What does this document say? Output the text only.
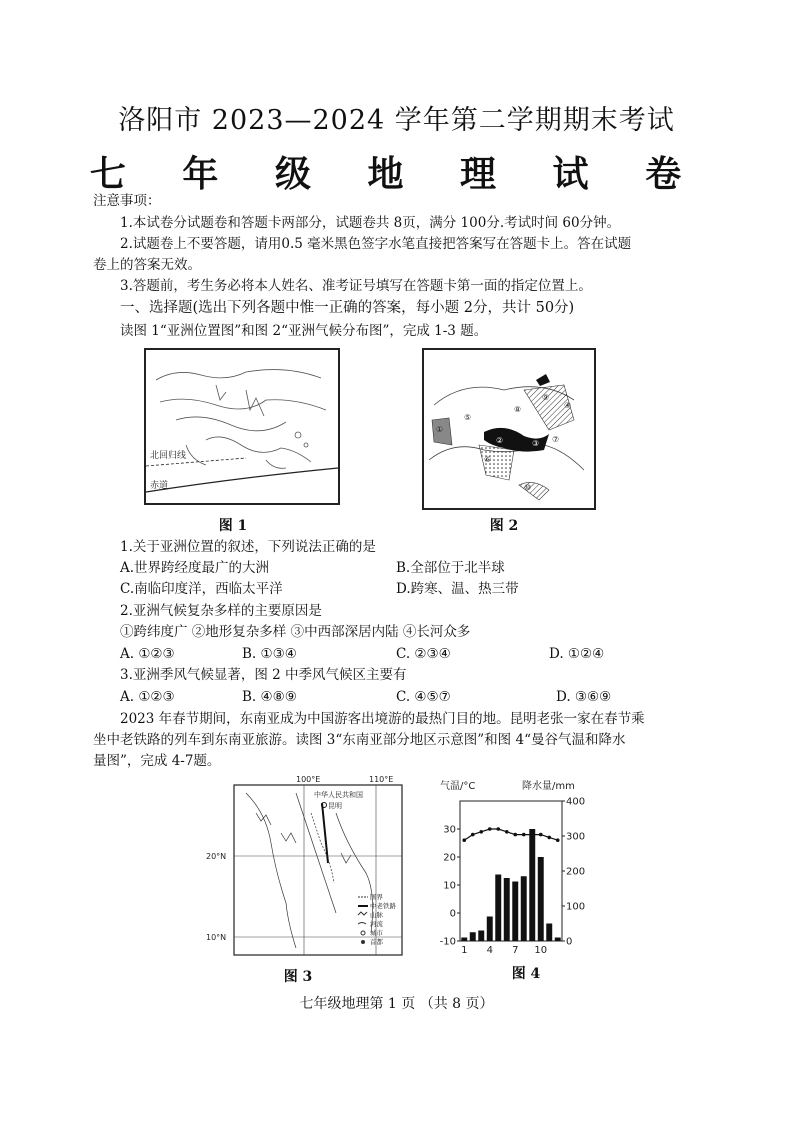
洛阳市 2023—2024 学年第二学期期末考试
七 年 级 地 理 试 卷
注意事项：
1.本试卷分试题卷和答题卡两部分，试题卷共 8页，满分 100分.考试时间 60分钟。
2.试题卷上不要答题，请用0.5 毫米黑色签字水笔直接把答案写在答题卡上。答在试题
卷上的答案无效。
3.答题前，考生务必将本人姓名、准考证号填写在答题卡第一面的指定位置上。
一、选择题(选出下列各题中惟一正确的答案，每小题 2分，共计 50分)
读图 1“亚洲位置图”和图 2“亚洲气候分布图”，完成 1-3 题。
北回归线
赤道
图 1
①
②	③
④
⑤
⑥
⑦
⑧
⑨
⑩
图 2
1.关于亚洲位置的叙述，下列说法正确的是
A.世界跨经度最广的大洲	B.全部位于北半球
C.南临印度洋，西临太平洋	D.跨寒、温、热三带
2.亚洲气候复杂多样的主要原因是
①跨纬度广 ②地形复杂多样 ③中西部深居内陆 ④长河众多
A. ①②③	B. ①③④	C. ②③④	D. ①②④
3.亚洲季风气候显著，图 2 中季风气候区主要有
A. ①②③	B. ④⑧⑨	C. ④⑤⑦	D. ③⑥⑨
2023 年春节期间，东南亚成为中国游客出境游的最热门目的地。昆明老张一家在春节乘
坐中老铁路的列车到东南亚旅游。读图 3“东南亚部分地区示意图”和图 4“曼谷气温和降水
量图”，完成 4-7题。
100°E	110°E
20°N
10°N
昆明
中华人民共和国
国界
中老铁路
山脉
河流
城市
首都
图 3
气温/°C	降水量/mm
-10
0
10
20
30
0
100
200
300
400
1 4 7 10
图 4
七年级地理第 1 页 （共 8 页）
